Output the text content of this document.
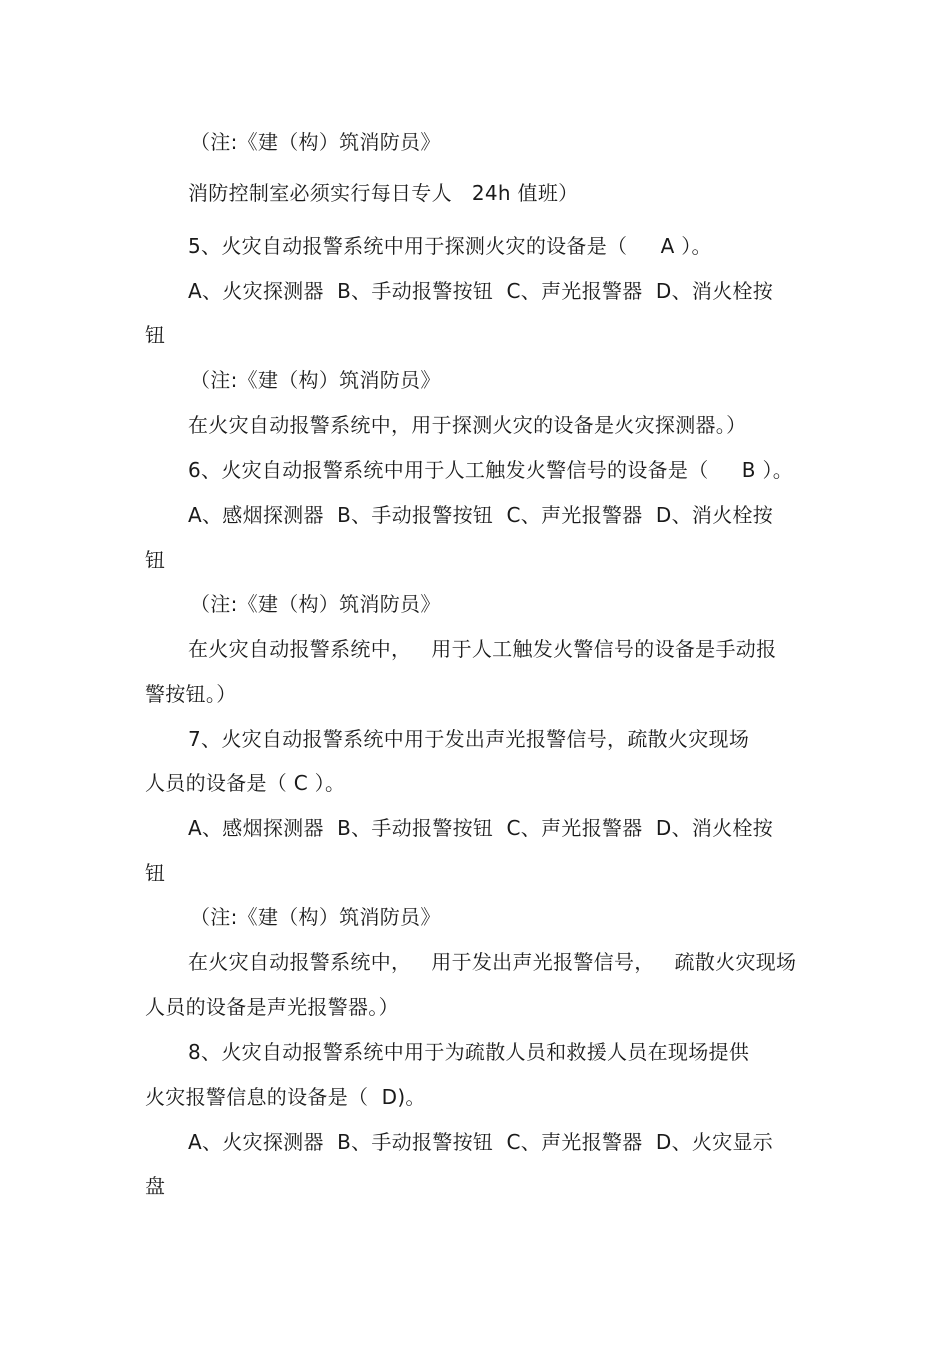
（注:《建（构）筑消防员》
消防控制室必须实行每日专人   24h 值班）
5、火灾自动报警系统中用于探测火灾的设备是（     A ）。
A、火灾探测器  B、手动报警按钮  C、声光报警器  D、消火栓按
钮
（注:《建（构）筑消防员》
在火灾自动报警系统中，用于探测火灾的设备是火灾探测器。）
6、火灾自动报警系统中用于人工触发火警信号的设备是（     B ）。
A、感烟探测器  B、手动报警按钮  C、声光报警器  D、消火栓按
钮
（注:《建（构）筑消防员》
在火灾自动报警系统中，   用于人工触发火警信号的设备是手动报
警按钮。）
7、火灾自动报警系统中用于发出声光报警信号，疏散火灾现场
人员的设备是（ C ）。
A、感烟探测器  B、手动报警按钮  C、声光报警器  D、消火栓按
钮
（注:《建（构）筑消防员》
在火灾自动报警系统中，   用于发出声光报警信号，   疏散火灾现场
人员的设备是声光报警器。）
8、火灾自动报警系统中用于为疏散人员和救援人员在现场提供
火灾报警信息的设备是（  D)。
A、火灾探测器  B、手动报警按钮  C、声光报警器  D、火灾显示
盘
